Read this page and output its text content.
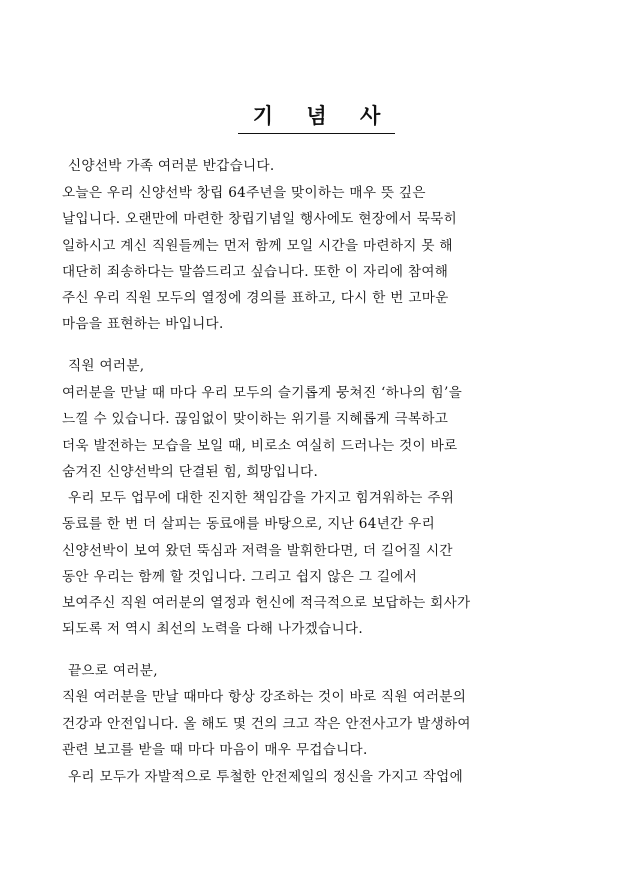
기 념 사

신양선박 가족 여러분 반갑습니다.

오늘은 우리 신양선박 창립 64주년을 맞이하는 매우 뜻 깊은

날입니다. 오랜만에 마련한 창립기념일 행사에도 현장에서 묵묵히

일하시고 계신 직원들께는 먼저 함께 모일 시간을 마련하지 못 해

대단히 죄송하다는 말씀드리고 싶습니다. 또한 이 자리에 참여해

주신 우리 직원 모두의 열정에 경의를 표하고, 다시 한 번 고마운

마음을 표현하는 바입니다.

직원 여러분,

여러분을 만날 때 마다 우리 모두의 슬기롭게 뭉쳐진 ‘하나의 힘’을

느낄 수 있습니다. 끊임없이 맞이하는 위기를 지혜롭게 극복하고

더욱 발전하는 모습을 보일 때, 비로소 여실히 드러나는 것이 바로

숨겨진 신양선박의 단결된 힘, 희망입니다.

우리 모두 업무에 대한 진지한 책임감을 가지고 힘겨워하는 주위

동료를 한 번 더 살피는 동료애를 바탕으로, 지난 64년간 우리

신양선박이 보여 왔던 뚝심과 저력을 발휘한다면, 더 길어질 시간

동안 우리는 함께 할 것입니다. 그리고 쉽지 않은 그 길에서

보여주신 직원 여러분의 열정과 헌신에 적극적으로 보답하는 회사가

되도록 저 역시 최선의 노력을 다해 나가겠습니다.

끝으로 여러분,

직원 여러분을 만날 때마다 항상 강조하는 것이 바로 직원 여러분의

건강과 안전입니다. 올 해도 몇 건의 크고 작은 안전사고가 발생하여

관련 보고를 받을 때 마다 마음이 매우 무겁습니다.

우리 모두가 자발적으로 투철한 안전제일의 정신을 가지고 작업에
